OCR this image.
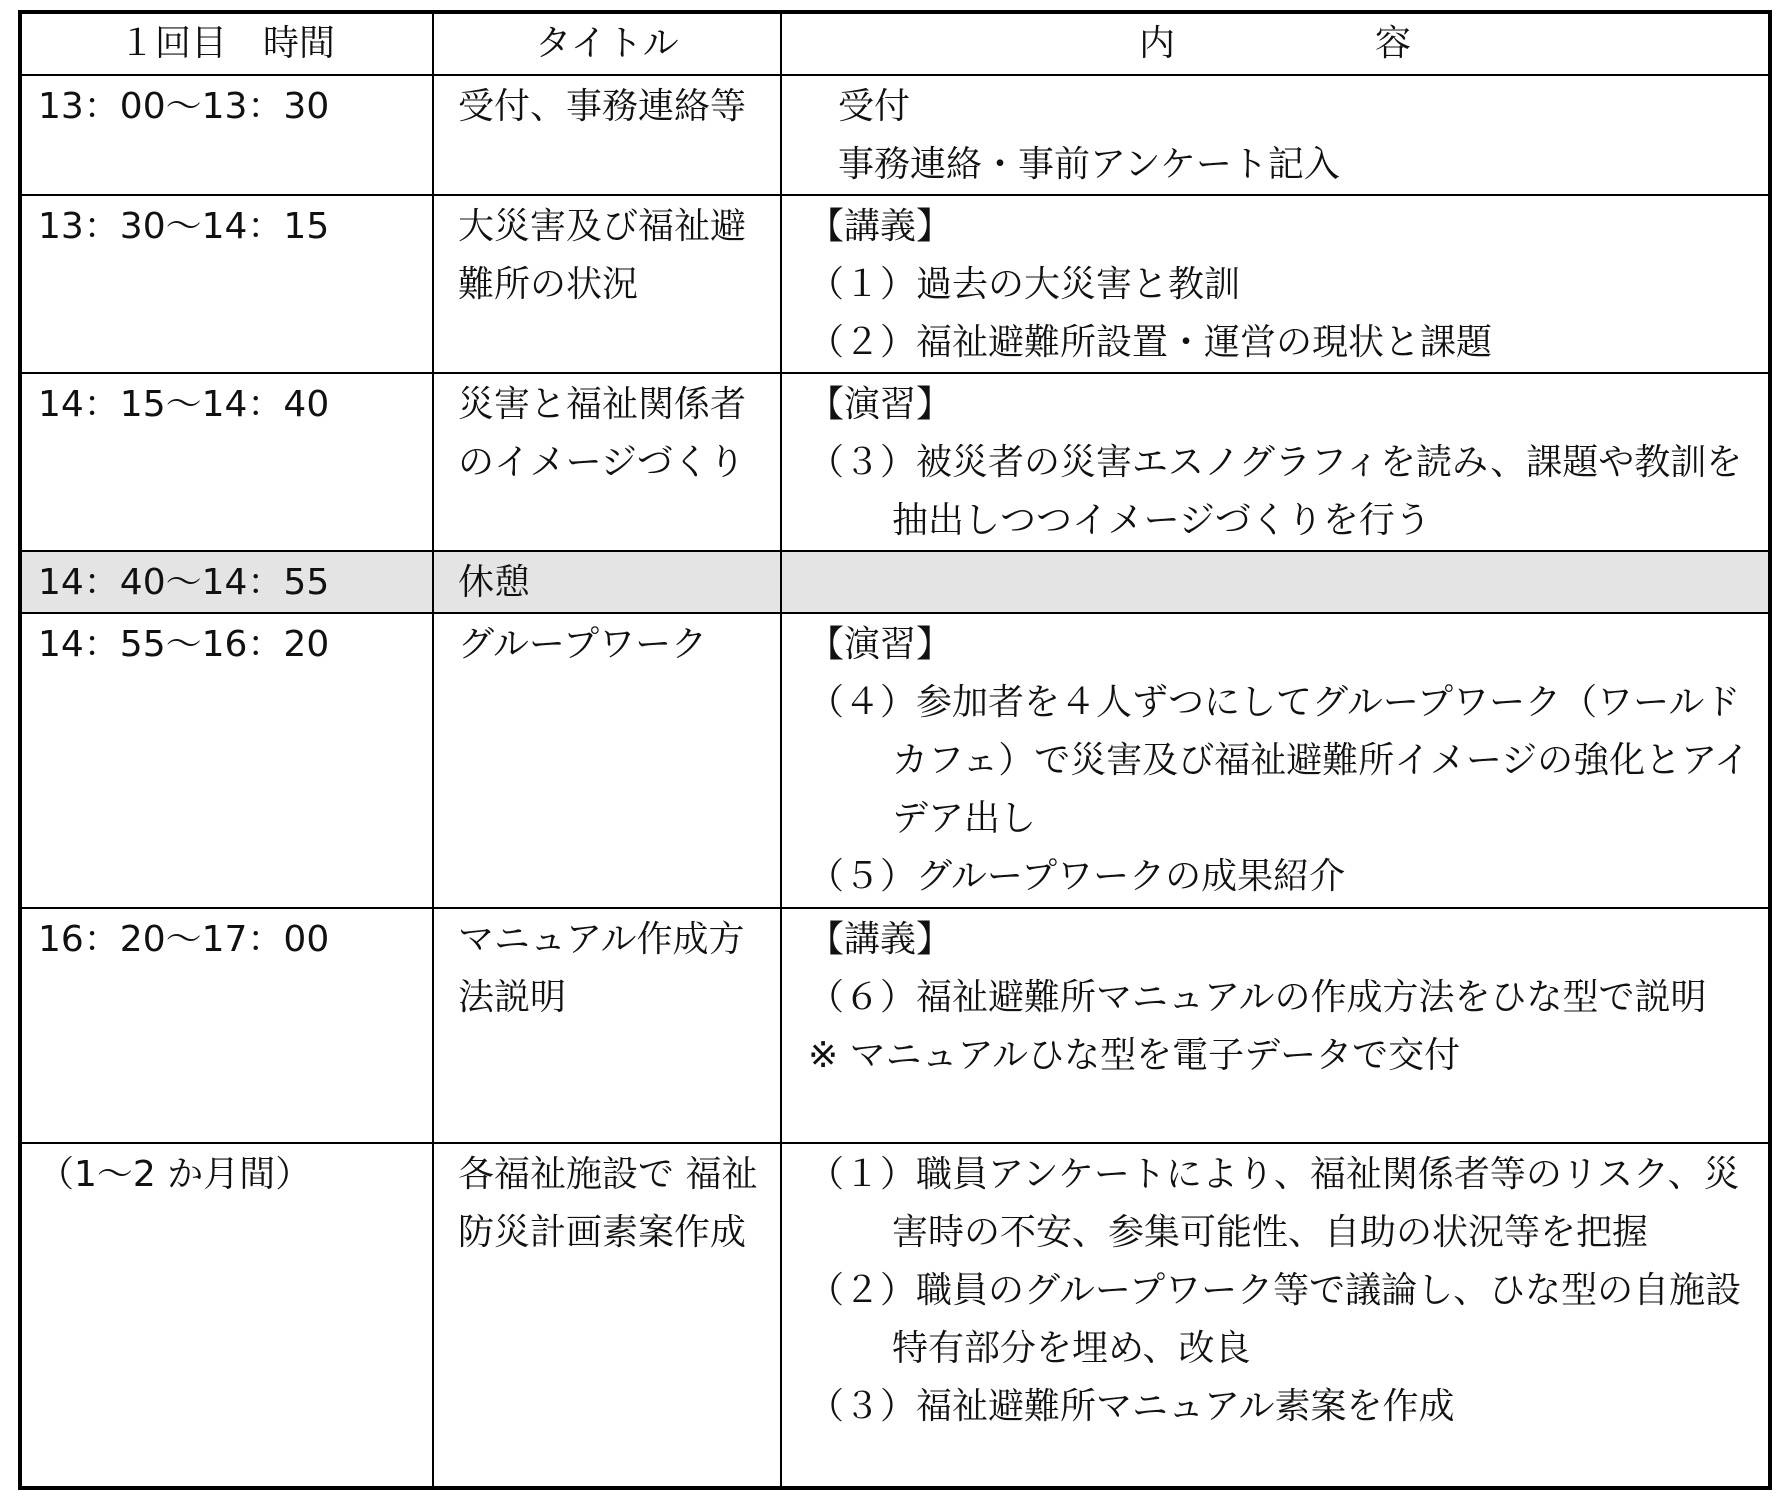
１回目　時間	タイトル	内 容

13：00～13：30	受付、事務連絡等	受付
事務連絡・事前アンケート記入

13：30～14：15	大災害及び福祉避難所の状況	【講義】
（１）過去の大災害と教訓
（２）福祉避難所設置・運営の現状と課題

14：15～14：40	災害と福祉関係者のイメージづくり	【演習】
（３）被災者の災害エスノグラフィを読み、課題や教訓を抽出しつつイメージづくりを行う

14：40～14：55	休憩	

14：55～16：20	グループワーク	【演習】
（４）参加者を４人ずつにしてグループワーク（ワールドカフェ）で災害及び福祉避難所イメージの強化とアイデア出し
（５）グループワークの成果紹介

16：20～17：00	マニュアル作成方法説明	【講義】
（６）福祉避難所マニュアルの作成方法をひな型で説明
※ マニュアルひな型を電子データで交付

（1～2 か月間）	各福祉施設で 福祉防災計画素案作成	（１）職員アンケートにより、福祉関係者等のリスク、災害時の不安、参集可能性、自助の状況等を把握
（２）職員のグループワーク等で議論し、ひな型の自施設特有部分を埋め、改良
（３）福祉避難所マニュアル素案を作成
